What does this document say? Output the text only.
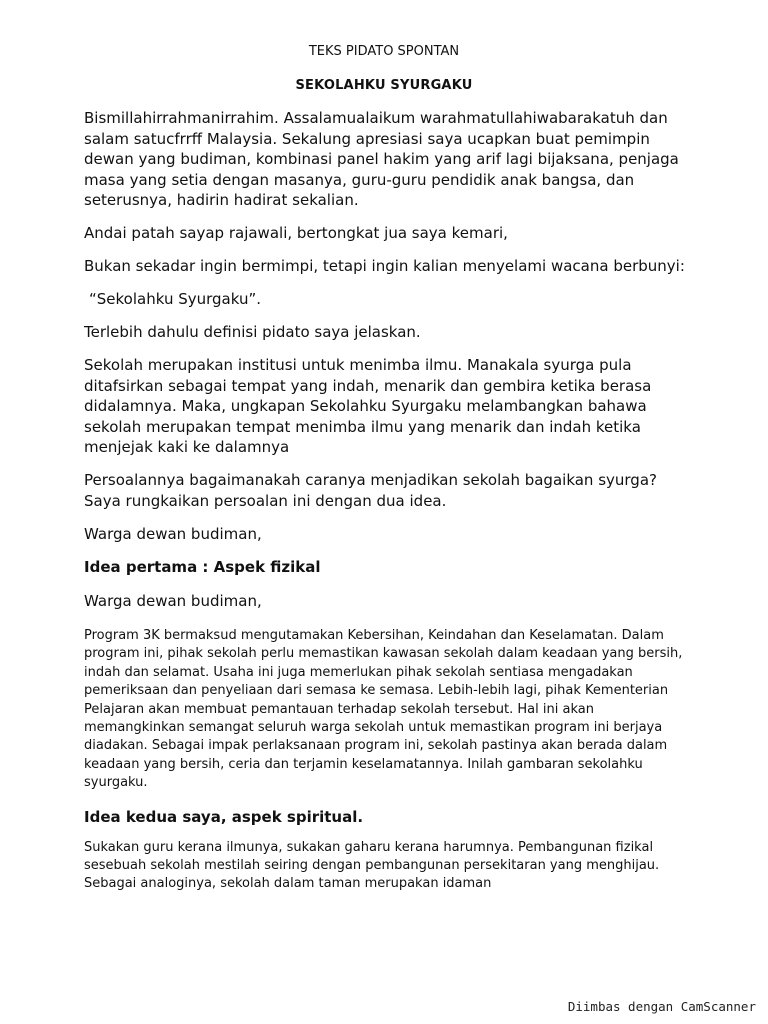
TEKS PIDATO SPONTAN

SEKOLAHKU SYURGAKU

Bismillahirrahmanirrahim. Assalamualaikum warahmatullahiwabarakatuh dan salam satucfrrff Malaysia. Sekalung apresiasi saya ucapkan buat pemimpin dewan yang budiman, kombinasi panel hakim yang arif lagi bijaksana, penjaga masa yang setia dengan masanya, guru-guru pendidik anak bangsa, dan seterusnya, hadirin hadirat sekalian.

Andai patah sayap rajawali, bertongkat jua saya kemari,

Bukan sekadar ingin bermimpi, tetapi ingin kalian menyelami wacana berbunyi:

“Sekolahku Syurgaku”.

Terlebih dahulu definisi pidato saya jelaskan.

Sekolah merupakan institusi untuk menimba ilmu. Manakala syurga pula ditafsirkan sebagai tempat yang indah, menarik dan gembira ketika berasa didalamnya. Maka, ungkapan Sekolahku Syurgaku melambangkan bahawa sekolah merupakan tempat menimba ilmu yang menarik dan indah ketika menjejak kaki ke dalamnya

Persoalannya bagaimanakah caranya menjadikan sekolah bagaikan syurga? Saya rungkaikan persoalan ini dengan dua idea.

Warga dewan budiman,

Idea pertama : Aspek fizikal

Warga dewan budiman,

Program 3K bermaksud mengutamakan Kebersihan, Keindahan dan Keselamatan. Dalam program ini, pihak sekolah perlu memastikan kawasan sekolah dalam keadaan yang bersih, indah dan selamat. Usaha ini juga memerlukan pihak sekolah sentiasa mengadakan pemeriksaan dan penyeliaan dari semasa ke semasa. Lebih-lebih lagi, pihak Kementerian Pelajaran akan membuat pemantauan terhadap sekolah tersebut. Hal ini akan memangkinkan semangat seluruh warga sekolah untuk memastikan program ini berjaya diadakan. Sebagai impak perlaksanaan program ini, sekolah pastinya akan berada dalam keadaan yang bersih, ceria dan terjamin keselamatannya. Inilah gambaran sekolahku syurgaku.

Idea kedua saya, aspek spiritual.

Sukakan guru kerana ilmunya, sukakan gaharu kerana harumnya. Pembangunan fizikal sesebuah sekolah mestilah seiring dengan pembangunan persekitaran yang menghijau. Sebagai analoginya, sekolah dalam taman merupakan idaman

Diimbas dengan CamScanner
